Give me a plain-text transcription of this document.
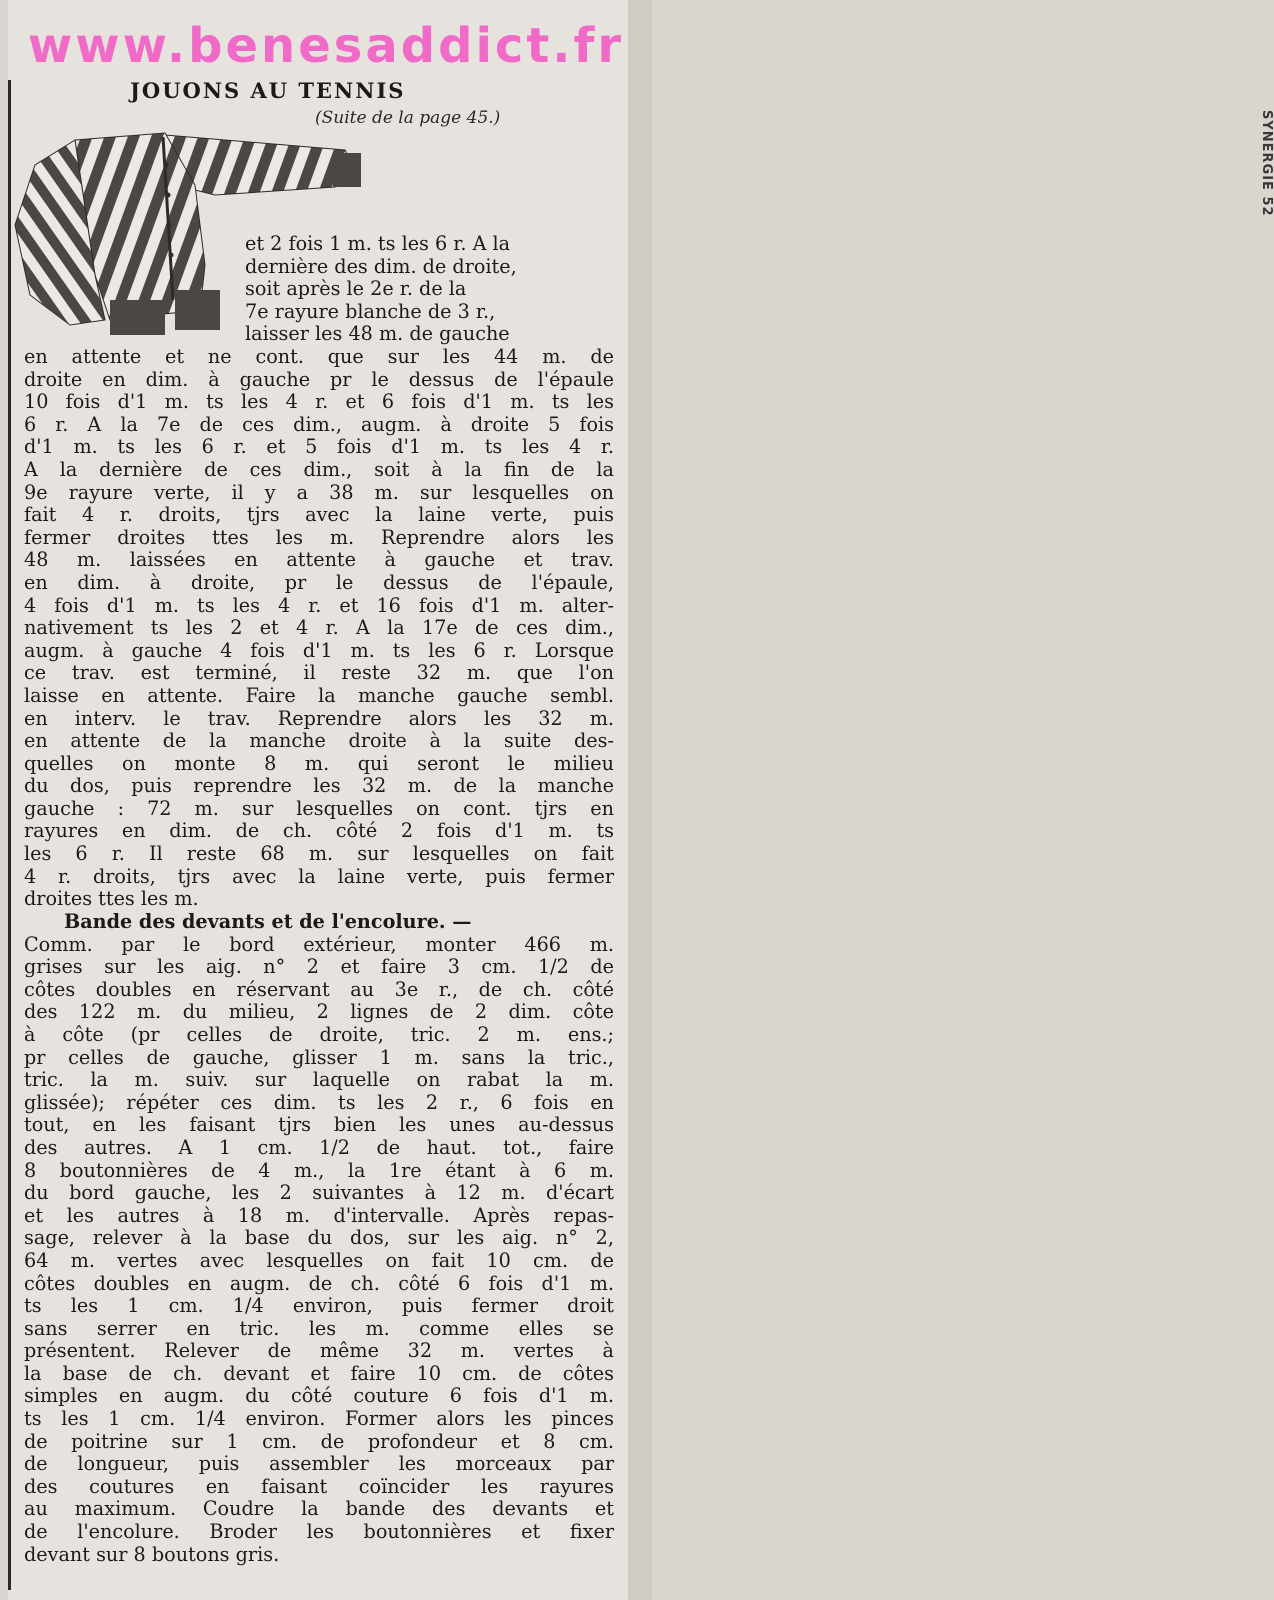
SYNERGIE 52
www.benesaddict.fr
JOUONS AU TENNIS
(Suite de la page 45.)
et 2 fois 1 m. ts les 6 r. A la
dernière des dim. de droite,
soit après le 2e r. de la
7e rayure blanche de 3 r.,
laisser les 48 m. de gauche
en attente et ne cont. que sur les 44 m. de
droite en dim. à gauche pr le dessus de l'épaule
10 fois d'1 m. ts les 4 r. et 6 fois d'1 m. ts les
6 r. A la 7e de ces dim., augm. à droite 5 fois
d'1 m. ts les 6 r. et 5 fois d'1 m. ts les 4 r.
A la dernière de ces dim., soit à la fin de la
9e rayure verte, il y a 38 m. sur lesquelles on
fait 4 r. droits, tjrs avec la laine verte, puis
fermer droites ttes les m. Reprendre alors les
48 m. laissées en attente à gauche et trav.
en dim. à droite, pr le dessus de l'épaule,
4 fois d'1 m. ts les 4 r. et 16 fois d'1 m. alter-
nativement ts les 2 et 4 r. A la 17e de ces dim.,
augm. à gauche 4 fois d'1 m. ts les 6 r. Lorsque
ce trav. est terminé, il reste 32 m. que l'on
laisse en attente. Faire la manche gauche sembl.
en interv. le trav. Reprendre alors les 32 m.
en attente de la manche droite à la suite des-
quelles on monte 8 m. qui seront le milieu
du dos, puis reprendre les 32 m. de la manche
gauche : 72 m. sur lesquelles on cont. tjrs en
rayures en dim. de ch. côté 2 fois d'1 m. ts
les 6 r. Il reste 68 m. sur lesquelles on fait
4 r. droits, tjrs avec la laine verte, puis fermer
droites ttes les m.
Bande des devants et de l'encolure. —
Comm. par le bord extérieur, monter 466 m.
grises sur les aig. n° 2 et faire 3 cm. 1/2 de
côtes doubles en réservant au 3e r., de ch. côté
des 122 m. du milieu, 2 lignes de 2 dim. côte
à côte (pr celles de droite, tric. 2 m. ens.;
pr celles de gauche, glisser 1 m. sans la tric.,
tric. la m. suiv. sur laquelle on rabat la m.
glissée); répéter ces dim. ts les 2 r., 6 fois en
tout, en les faisant tjrs bien les unes au-dessus
des autres. A 1 cm. 1/2 de haut. tot., faire
8 boutonnières de 4 m., la 1re étant à 6 m.
du bord gauche, les 2 suivantes à 12 m. d'écart
et les autres à 18 m. d'intervalle. Après repas-
sage, relever à la base du dos, sur les aig. n° 2,
64 m. vertes avec lesquelles on fait 10 cm. de
côtes doubles en augm. de ch. côté 6 fois d'1 m.
ts les 1 cm. 1/4 environ, puis fermer droit
sans serrer en tric. les m. comme elles se
présentent. Relever de même 32 m. vertes à
la base de ch. devant et faire 10 cm. de côtes
simples en augm. du côté couture 6 fois d'1 m.
ts les 1 cm. 1/4 environ. Former alors les pinces
de poitrine sur 1 cm. de profondeur et 8 cm.
de longueur, puis assembler les morceaux par
des coutures en faisant coïncider les rayures
au maximum. Coudre la bande des devants et
de l'encolure. Broder les boutonnières et fixer
devant sur 8 boutons gris.
